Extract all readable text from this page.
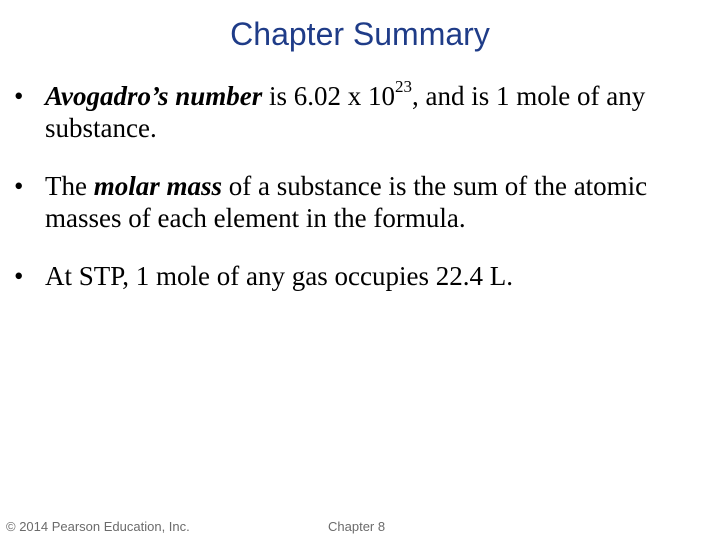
Chapter Summary
• Avogadro’s number is 6.02 x $10^{23}$, and is 1 mole of any substance.
• The molar mass of a substance is the sum of the atomic masses of each element in the formula.
• At STP, 1 mole of any gas occupies 22.4 L.
© 2014 Pearson Education, Inc.	Chapter 8
